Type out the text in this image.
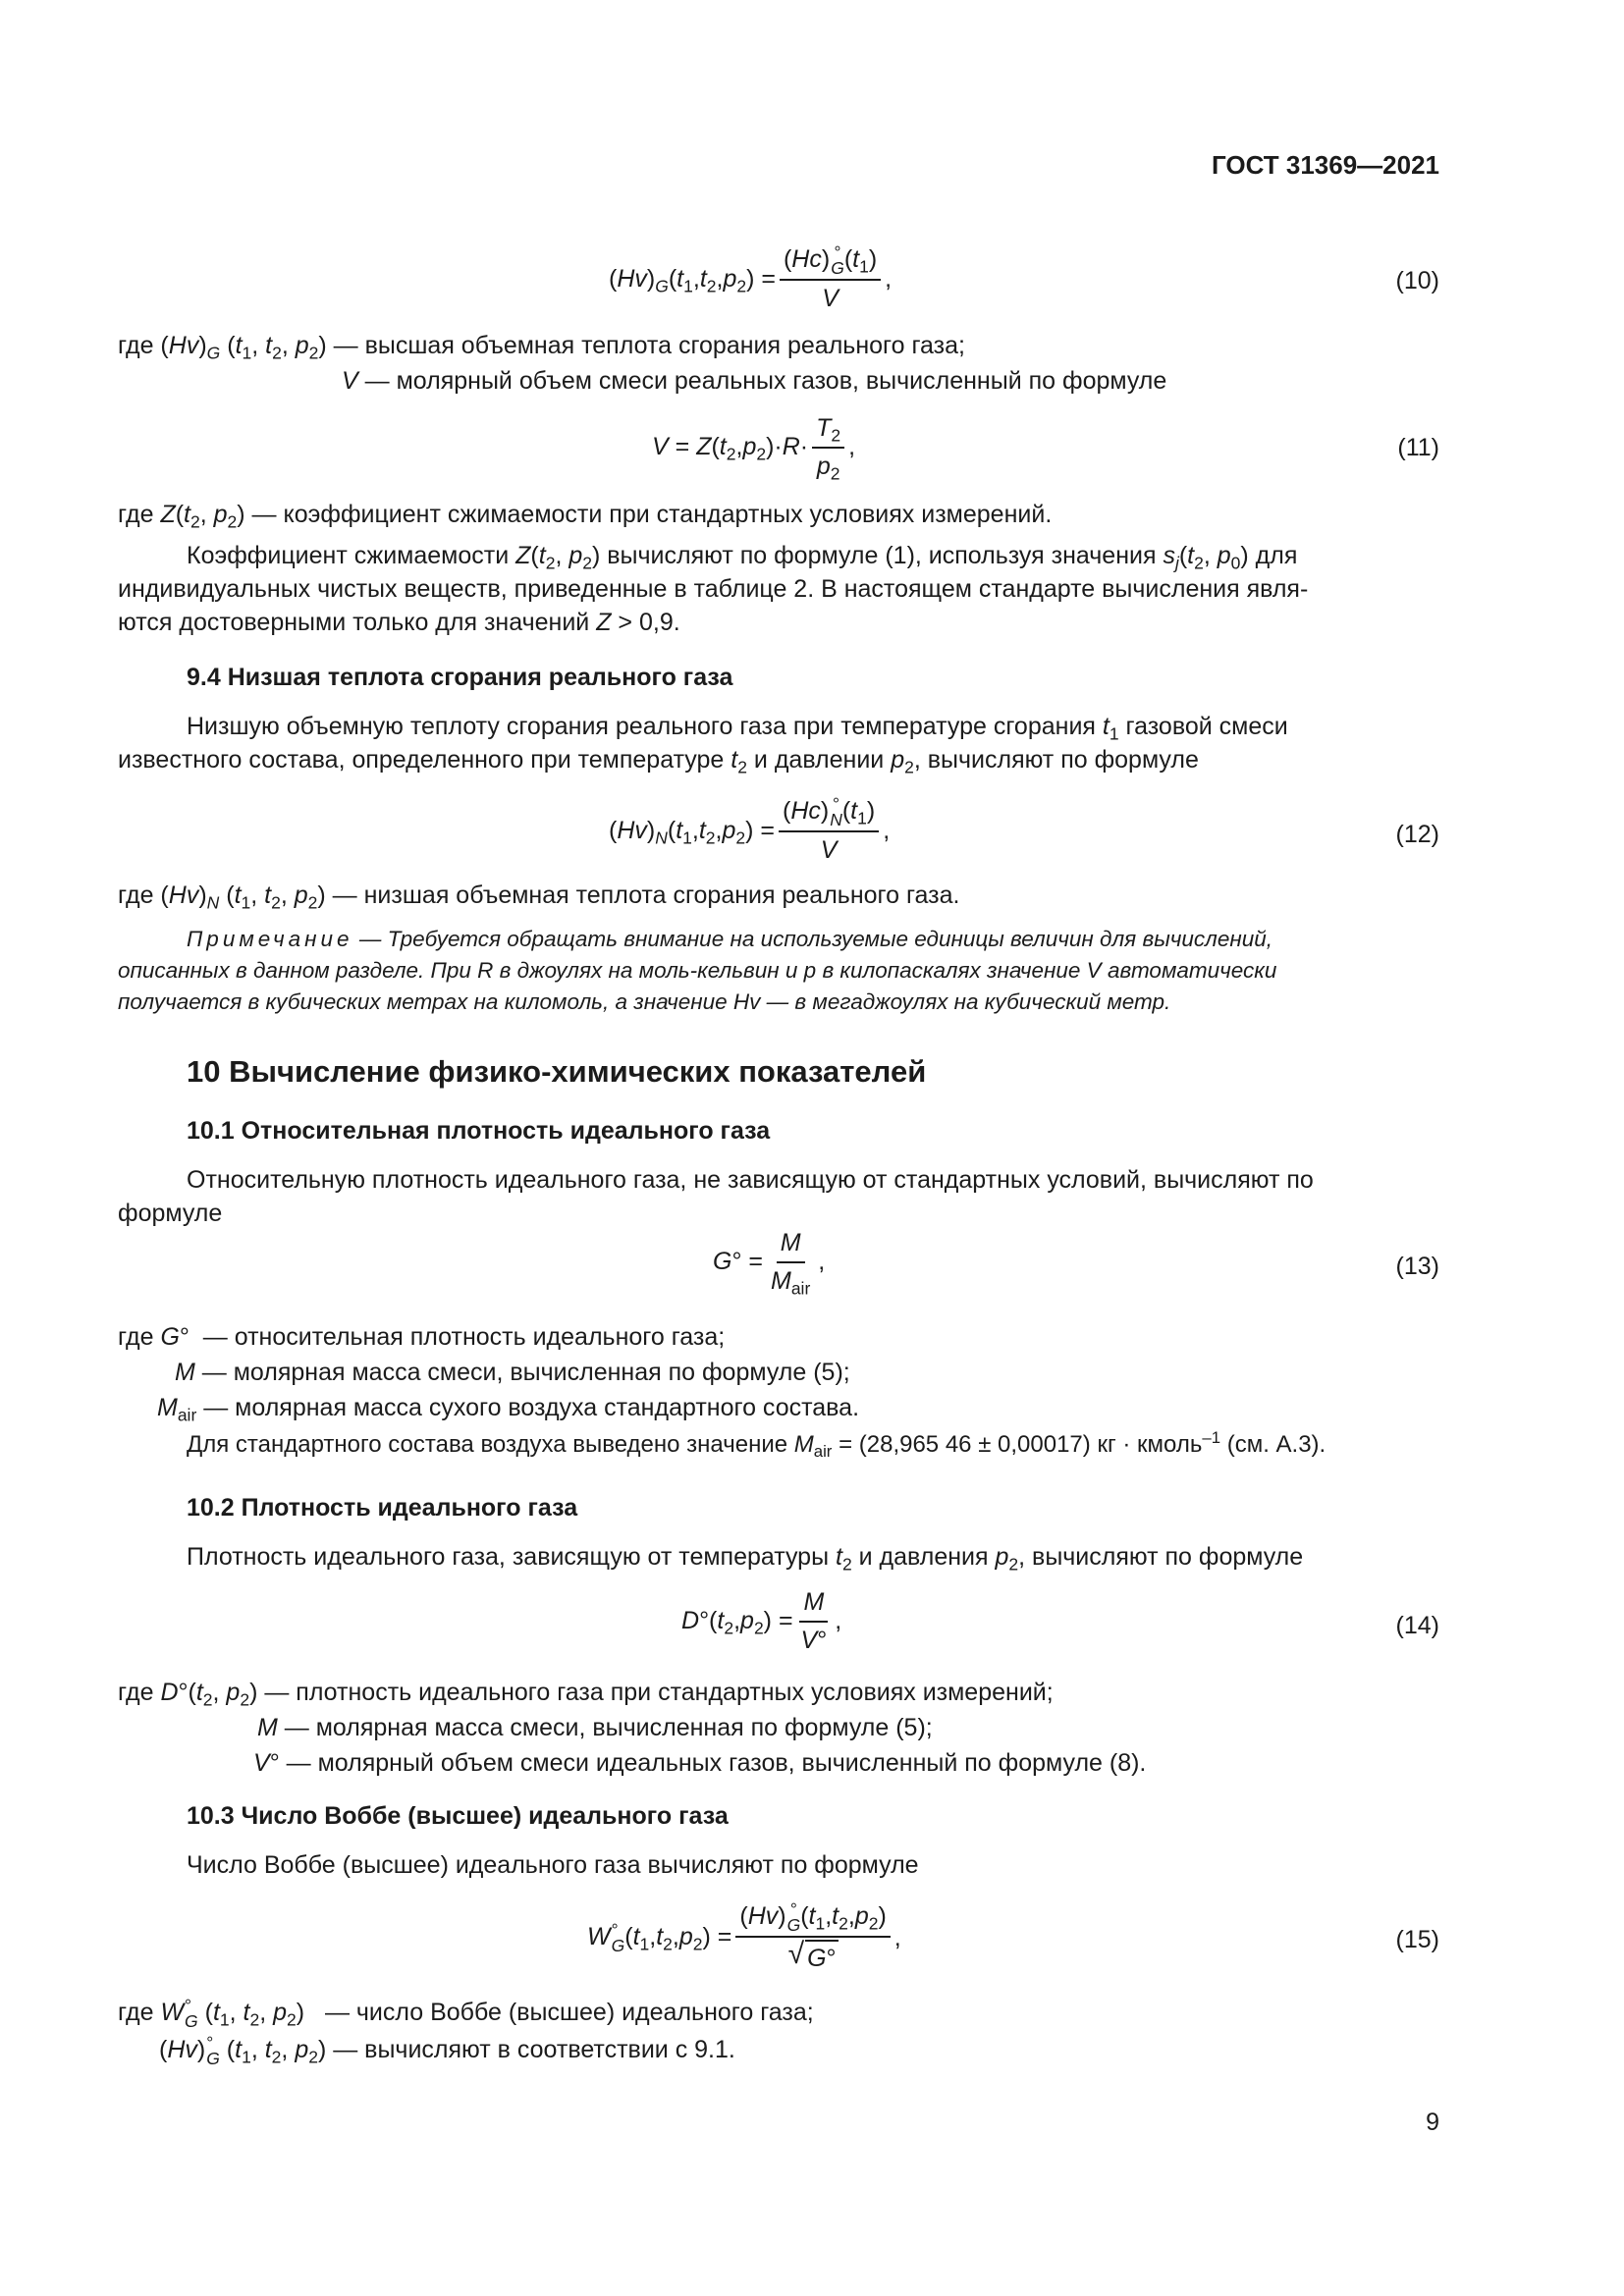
ГОСТ 31369—2021
$(Hv)_G(t_1,t_2,p_2) = (Hc)$ °
G $(t_1)$
V ,	(10)
где $(Hv)_G$ ($t_1$, $t_2$, $p_2$) — высшая объемная теплота сгорания реального газа;
V — молярный объем смеси реальных газов, вычисленный по формуле
$V = Z(t_2,p_2)\cdot R\cdot \frac{T_2}{p_2}$ ,	(11)
где $Z(t_2$, $p_2$) — коэффициент сжимаемости при стандартных условиях измерений.
Коэффициент сжимаемости $Z(t_2$, $p_2$) вычисляют по формуле (1), используя значения $s_j(t_2$, $p_0$) для
индивидуальных чистых веществ, приведенные в таблице 2. В настоящем стандарте вычисления явля-
ются достоверными только для значений Z > 0,9.
9.4 Низшая теплота сгорания реального газа
Низшую объемную теплоту сгорания реального газа при температуре сгорания $t_1$ газовой смеси
известного состава, определенного при температуре $t_2$ и давлении $p_2$, вычисляют по формуле
$(Hv)_N(t_1,t_2,p_2) = (Hc)$ °
N $(t_1)$
V ,	(12)
где $(Hv)_N$ ($t_1$, $t_2$, $p_2$) — низшая объемная теплота сгорания реального газа.
Примечание — Требуется обращать внимание на используемые единицы величин для вычислений,
описанных в данном разделе. При R в джоулях на моль-кельвин и p в килопаскалях значение V автоматически
получается в кубических метрах на киломоль, а значение Hv — в мегаджоулях на кубический метр.
10 Вычисление физико-химических показателей
10.1 Относительная плотность идеального газа
Относительную плотность идеального газа, не зависящую от стандартных условий, вычисляют по
формуле
$G^\circ = \frac{M}{M_{air}}$ ,	(13)
где G°  — относительная плотность идеального газа;
M — молярная масса смеси, вычисленная по формуле (5);
$M_{air}$ — молярная масса сухого воздуха стандартного состава.
Для стандартного состава воздуха выведено значение $M_{air} = (28,965$ 46 ± 0,00017) кг · кмоль$^{-1}$ (см. А.3).
10.2 Плотность идеального газа
Плотность идеального газа, зависящую от температуры $t_2$ и давления $p_2$, вычисляют по формуле
$D^\circ(t_2,p_2) = \frac{M}{V^\circ}$ ,	(14)
где $D^\circ(t_2$, $p_2$) — плотность идеального газа при стандартных условиях измерений;
M — молярная масса смеси, вычисленная по формуле (5);
V° — молярный объем смеси идеальных газов, вычисленный по формуле (8).
10.3 Число Воббе (высшее) идеального газа
Число Воббе (высшее) идеального газа вычисляют по формуле
W °
G $(t_1,t_2,p_2) = (Hv)$ °
G $(t_1,t_2,p_2)$
√ G° ,	(15)
где W °
G ($t_1$, $t_2$, $p_2$)   — число Воббе (высшее) идеального газа;
(Hv) °
G ($t_1$, $t_2$, $p_2$) — вычисляют в соответствии с 9.1.
9
